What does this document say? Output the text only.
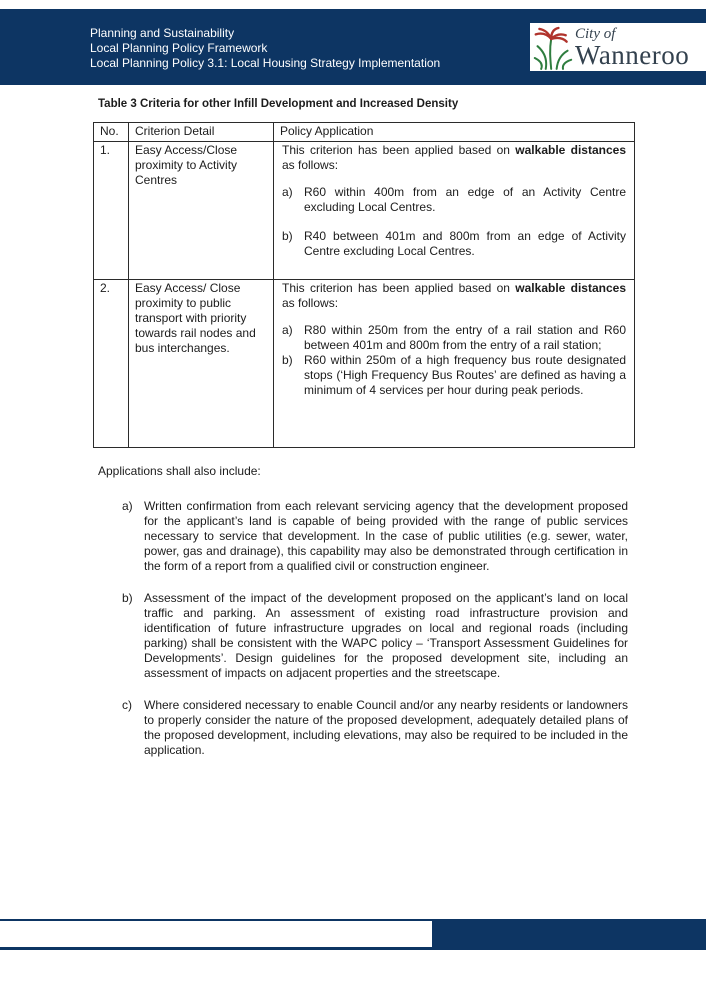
Planning and Sustainability
Local Planning Policy Framework
Local Planning Policy 3.1: Local Housing Strategy Implementation
City of
Wanneroo
Table 3 Criteria for other Infill Development and Increased Density
No.	Criterion Detail	Policy Application
1.	Easy Access/Close proximity to Activity Centres	This criterion has been applied based on walkable distances as follows:
a) R60 within 400m from an edge of an Activity Centre excluding Local Centres.
b) R40 between 401m and 800m from an edge of Activity Centre excluding Local Centres.

2.	Easy Access/ Close proximity to public transport with priority towards rail nodes and bus interchanges.	This criterion has been applied based on walkable distances as follows:
a) R80 within 250m from the entry of a rail station and R60 between 401m and 800m from the entry of a rail station;
b) R60 within 250m of a high frequency bus route designated stops (‘High Frequency Bus Routes’ are defined as having a minimum of 4 services per hour during peak periods.
Applications shall also include:
a) Written confirmation from each relevant servicing agency that the development proposed for the applicant’s land is capable of being provided with the range of public services necessary to service that development. In the case of public utilities (e.g. sewer, water, power, gas and drainage), this capability may also be demonstrated through certification in the form of a report from a qualified civil or construction engineer.
b) Assessment of the impact of the development proposed on the applicant’s land on local traffic and parking. An assessment of existing road infrastructure provision and identification of future infrastructure upgrades on local and regional roads (including parking) shall be consistent with the WAPC policy – ‘Transport Assessment Guidelines for Developments’. Design guidelines for the proposed development site, including an assessment of impacts on adjacent properties and the streetscape.
c)	Where considered necessary to enable Council and/or any nearby residents or landowners to properly consider the nature of the proposed development, adequately detailed plans of the proposed development, including elevations, may also be required to be included in the application.
